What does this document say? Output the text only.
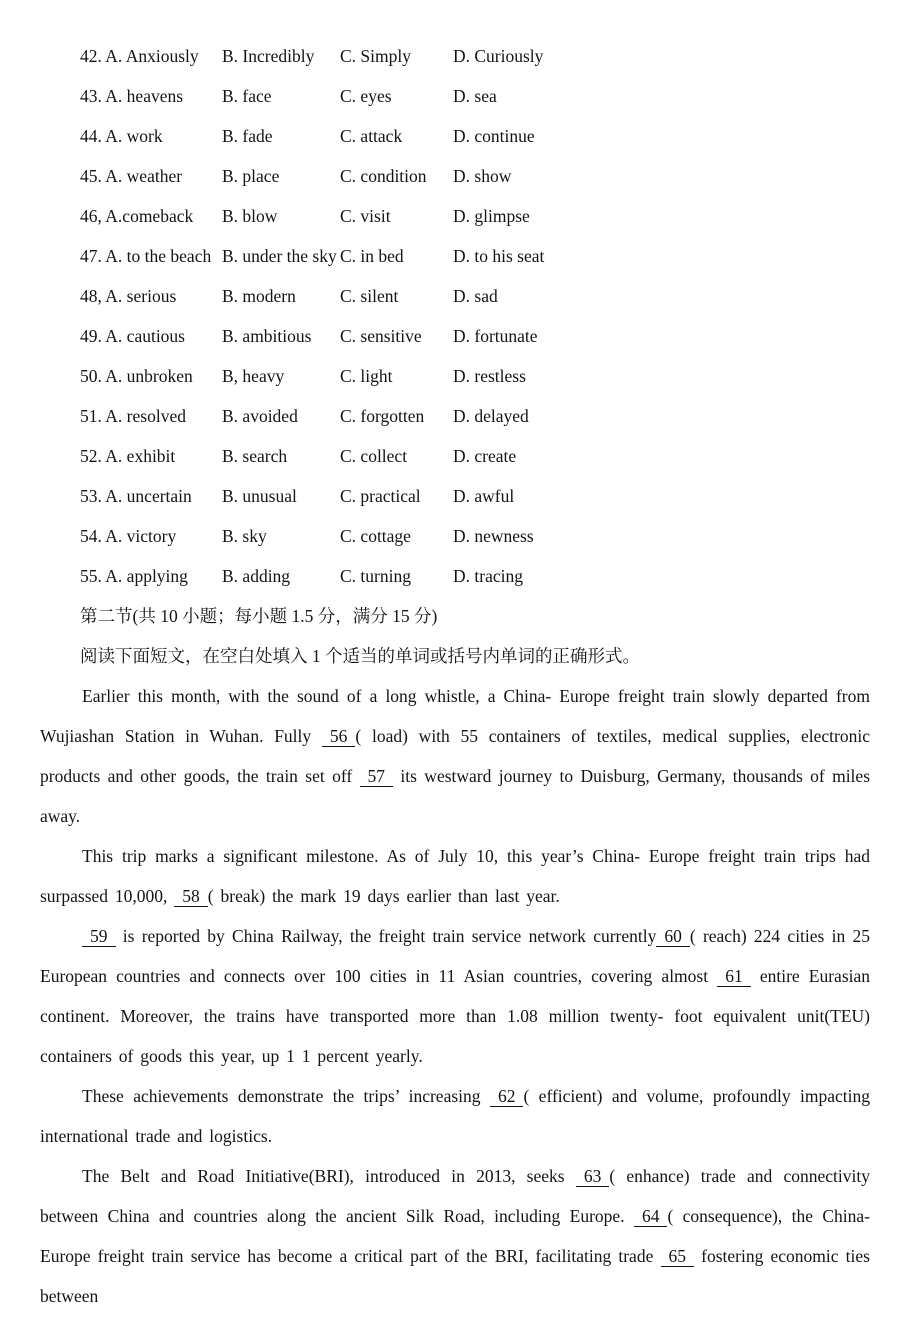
42. A. Anxiously	B. Incredibly	C. Simply	D. Curiously
43. A. heavens	B. face	C. eyes	D. sea
44. A. work	B. fade	C. attack	D. continue
45. A. weather	B. place	C. condition	D. show
46, A.comeback	B. blow	C. visit	D. glimpse
47. A. to the beach B. under the sky C. in bed	D. to his seat
48, A. serious	B. modern	C. silent	D. sad
49. A. cautious	B. ambitious	C. sensitive	D. fortunate
50. A. unbroken	B, heavy	C. light	D. restless
51. A. resolved	B. avoided	C. forgotten	D. delayed
52. A. exhibit	B. search	C. collect	D. create
53. A. uncertain	B. unusual	C. practical	D. awful
54. A. victory	B. sky	C. cottage	D. newness
55. A. applying	B. adding	C. turning	D. tracing
第二节(共 10 小题；每小题 1.5 分，满分 15 分)
阅读下面短文，在空白处填入 1 个适当的单词或括号内单词的正确形式。

Earlier this month, with the sound of a long whistle, a China- Europe freight train slowly departed from Wujiashan Station in Wuhan. Fully 56 ( load) with 55 containers of textiles, medical supplies, electronic products and other goods, the train set off 57 its westward journey to Duisburg, Germany, thousands of miles away.

This trip marks a significant milestone. As of July 10, this year’s China- Europe freight train trips had surpassed 10,000, 58 ( break) the mark 19 days earlier than last year.

59 is reported by China Railway, the freight train service network currently 60 ( reach) 224 cities in 25 European countries and connects over 100 cities in 11 Asian countries, covering almost 61 entire Eurasian continent. Moreover, the trains have transported more than 1.08 million twenty- foot equivalent unit(TEU) containers of goods this year, up 1 1 percent yearly.

These achievements demonstrate the trips’ increasing 62 ( efficient) and volume, profoundly impacting international trade and logistics.

The Belt and Road Initiative(BRI), introduced in 2013, seeks 63 ( enhance) trade and connectivity between China and countries along the ancient Silk Road, including Europe. 64 ( consequence), the China- Europe freight train service has become a critical part of the BRI, facilitating trade 65 fostering economic ties between
